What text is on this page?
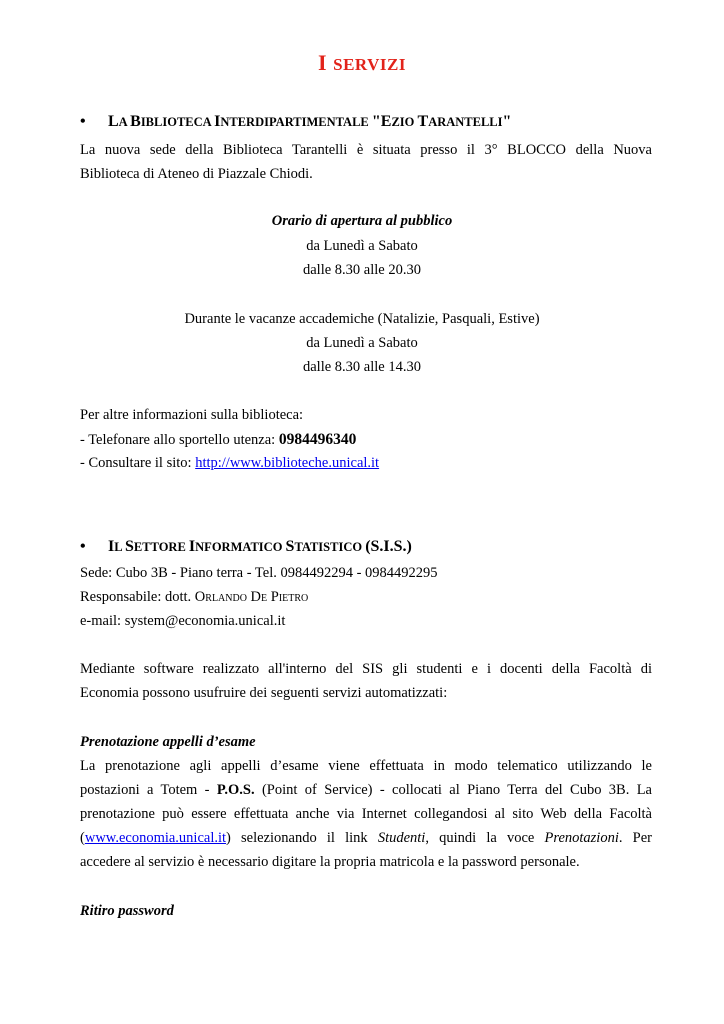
I SERVIZI
•	LA BIBLIOTECA INTERDIPARTIMENTALE "EZIO TARANTELLI"
La nuova sede della Biblioteca Tarantelli è situata presso il 3° BLOCCO della Nuova
Biblioteca di Ateneo di Piazzale Chiodi.
Orario di apertura al pubblico
da Lunedì a Sabato
dalle 8.30 alle 20.30
Durante le vacanze accademiche (Natalizie, Pasquali, Estive)
da Lunedì a Sabato
dalle 8.30 alle 14.30
Per altre informazioni sulla biblioteca:
- Telefonare allo sportello utenza: 0984496340
- Consultare il sito: http://www.biblioteche.unical.it
•	IL SETTORE INFORMATICO STATISTICO (S.I.S.)
Sede: Cubo 3B - Piano terra - Tel. 0984492294 - 0984492295
Responsabile: dott. Orlando De Pietro
e-mail: system@economia.unical.it
Mediante software realizzato all'interno del SIS gli studenti e i docenti della Facoltà di
Economia possono usufruire dei seguenti servizi automatizzati:
Prenotazione appelli d’esame
La prenotazione agli appelli d’esame viene effettuata in modo telematico utilizzando le
postazioni a Totem - P.O.S. (Point of Service) - collocati al Piano Terra del Cubo 3B. La
prenotazione può essere effettuata anche via Internet collegandosi al sito Web della Facoltà
(www.economia.unical.it) selezionando il link Studenti, quindi la voce Prenotazioni. Per
accedere al servizio è necessario digitare la propria matricola e la password personale.
Ritiro password
